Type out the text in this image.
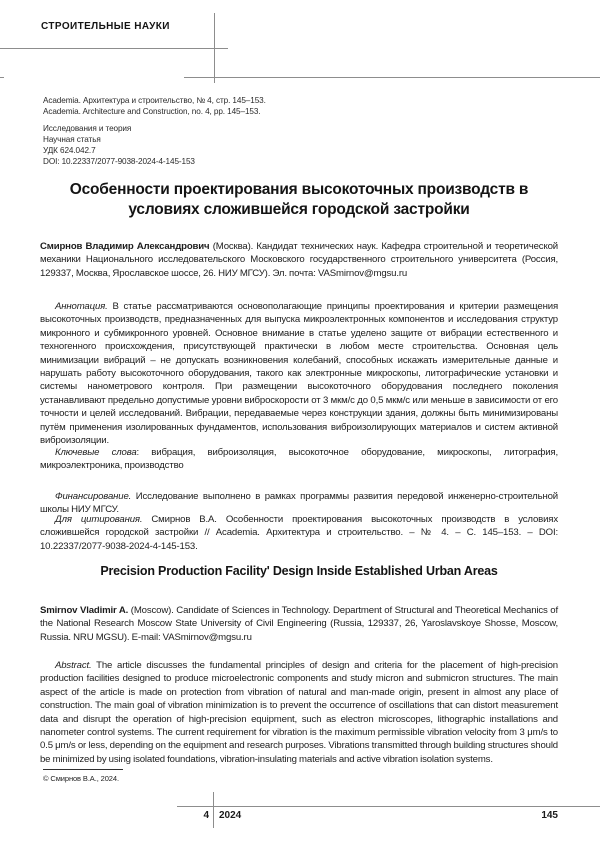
СТРОИТЕЛЬНЫЕ НАУКИ
Academia. Архитектура и строительство, № 4, стр. 145–153.
Academia. Architecture and Construction, no. 4, pp. 145–153.
Исследования и теория
Научная статья
УДК 624.042.7
DOI: 10.22337/2077-9038-2024-4-145-153
Особенности проектирования высокоточных производств в условиях сложившейся городской застройки

Смирнов Владимир Александрович (Москва). Кандидат технических наук. Кафедра строительной и теоретической механики Национального исследовательского Московского государственного строительного университета (Россия, 129337, Москва, Ярославское шоссе, 26. НИУ МГСУ). Эл. почта: VASmirnov@mgsu.ru

Аннотация. В статье рассматриваются основополагающие принципы проектирования и критерии размещения высокоточных производств, предназначенных для выпуска микроэлектронных компонентов и исследования структур микронного и субмикронного уровней. Основное внимание в статье уделено защите от вибрации естественного и техногенного происхождения, присутствующей практически в любом месте строительства. Основная цель минимизации вибраций – не допускать возникновения колебаний, способных искажать измерительные данные и нарушать работу высокоточного оборудования, такого как электронные микроскопы, литографические установки и системы нанометрового контроля. При размещении высокоточного оборудования последнего поколения устанавливают предельно допустимые уровни виброскорости от 3 мкм/с до 0,5 мкм/с или меньше в зависимости от его точности и целей исследований. Вибрации, передаваемые через конструкции здания, должны быть минимизированы путём применения изолированных фундаментов, использования виброизолирующих материалов и систем активной виброизоляции.

Ключевые слова: вибрация, виброизоляция, высокоточное оборудование, микроскопы, литография, микроэлектроника, производство

Финансирование. Исследование выполнено в рамках программы развития передовой инженерно-строительной школы НИУ МГСУ.

Для цитирования. Смирнов В.А. Особенности проектирования высокоточных производств в условиях сложившейся городской застройки // Academia. Архитектура и строительство. – № 4. – С. 145–153. – DOI: 10.22337/2077-9038-2024-4-145-153.

Precision Production Facility' Design Inside Established Urban Areas

Smirnov Vladimir A. (Moscow). Candidate of Sciences in Technology. Department of Structural and Theoretical Mechanics of the National Research Moscow State University of Civil Engineering (Russia, 129337, 26, Yaroslavskoye Shosse, Moscow, Russia. NRU MGSU). E-mail: VASmirnov@mgsu.ru

Abstract. The article discusses the fundamental principles of design and criteria for the placement of high-precision production facilities designed to produce microelectronic components and study micron and submicron structures. The main aspect of the article is made on protection from vibration of natural and man-made origin, present in almost any place of construction. The main goal of vibration minimization is to prevent the occurrence of oscillations that can distort measurement data and disrupt the operation of high-precision equipment, such as electron microscopes, lithographic installations and nanometer control systems. The current requirement for vibration is the maximum permissible vibration velocity from 3 μm/s to 0.5 μm/s or less, depending on the equipment and research purposes. Vibrations transmitted through building structures should be minimized by using isolated foundations, vibration-insulating materials and active vibration isolation systems.

© Смирнов В.А., 2024.
4 2024	145
